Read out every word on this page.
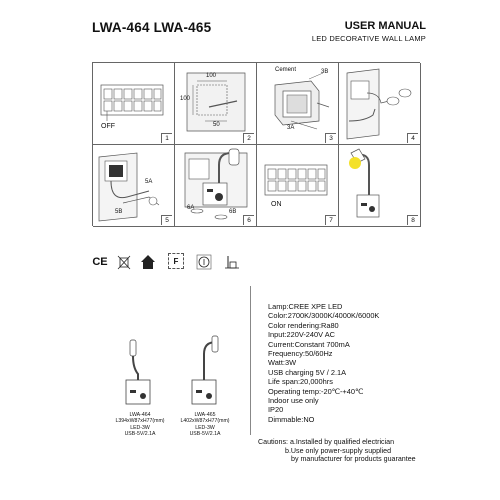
LWA-464 LWA-465	USER MANUAL
LED DECORATIVE WALL LAMP
OFF
1
100
100
50
2
Cement	3B
3A
3	4
5A
5B
5
6A
6B
6
ON
7	8
CE	F
LWA-464
L394xW87xH77(mm)
LED-3W
USB-5V/2.1A
LWA-465
L402xW87xH77(mm)
LED-3W
USB-5V/2.1A
Lamp:CREE XPE LED
Color:2700K/3000K/4000K/6000K
Color rendering:Ra80
Input:220V-240V AC
Current:Constant 700mA
Frequency:50/60Hz
Watt:3W
USB charging 5V / 2.1A
Life span:20,000hrs
Operating temp:-20℃-+40℃
Indoor use only
IP20
Dimmable:NO
Cautions: a.Installed by qualified electrician
b.Use only power-supply supplied
by manufacturer for products guarantee
